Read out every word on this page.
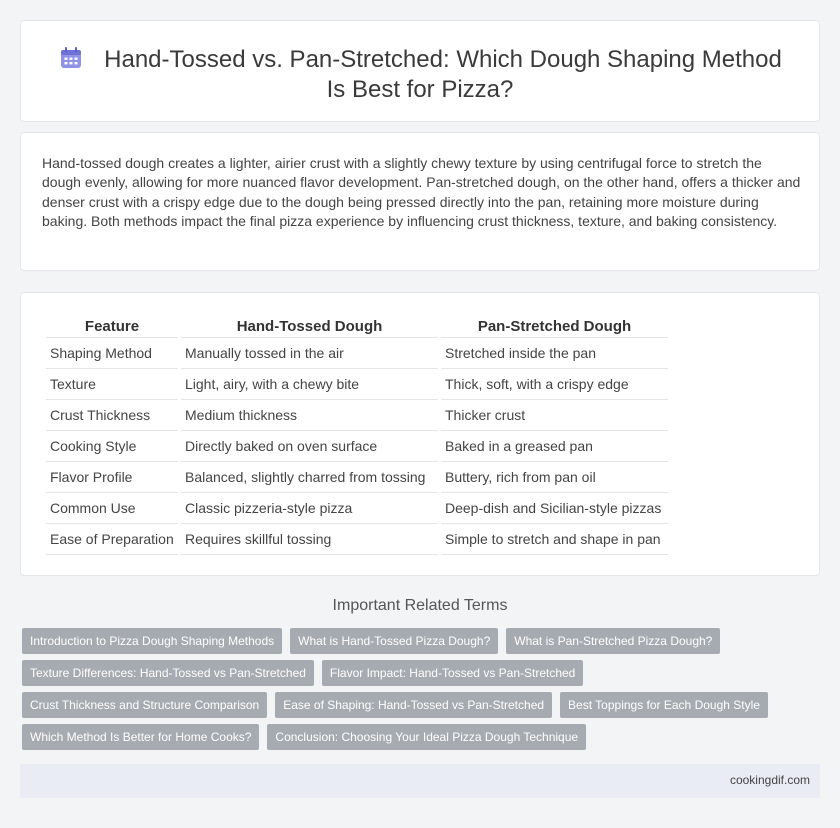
Hand-Tossed vs. Pan-Stretched: Which Dough Shaping Method Is Best for Pizza?

Hand-tossed dough creates a lighter, airier crust with a slightly chewy texture by using centrifugal force to stretch the dough evenly, allowing for more nuanced flavor development. Pan-stretched dough, on the other hand, offers a thicker and denser crust with a crispy edge due to the dough being pressed directly into the pan, retaining more moisture during baking. Both methods impact the final pizza experience by influencing crust thickness, texture, and baking consistency.

Feature	Hand-Tossed Dough	Pan-Stretched Dough
Shaping Method	Manually tossed in the air	Stretched inside the pan
Texture	Light, airy, with a chewy bite	Thick, soft, with a crispy edge
Crust Thickness	Medium thickness	Thicker crust
Cooking Style	Directly baked on oven surface	Baked in a greased pan
Flavor Profile	Balanced, slightly charred from tossing	Buttery, rich from pan oil
Common Use	Classic pizzeria-style pizza	Deep-dish and Sicilian-style pizzas
Ease of Preparation	Requires skillful tossing	Simple to stretch and shape in pan
Important Related Terms
Introduction to Pizza Dough Shaping Methods	What is Hand-Tossed Pizza Dough?	What is Pan-Stretched Pizza Dough?
Texture Differences: Hand-Tossed vs Pan-Stretched	Flavor Impact: Hand-Tossed vs Pan-Stretched
Crust Thickness and Structure Comparison	Ease of Shaping: Hand-Tossed vs Pan-Stretched	Best Toppings for Each Dough Style
Which Method Is Better for Home Cooks?	Conclusion: Choosing Your Ideal Pizza Dough Technique
cookingdif.com
